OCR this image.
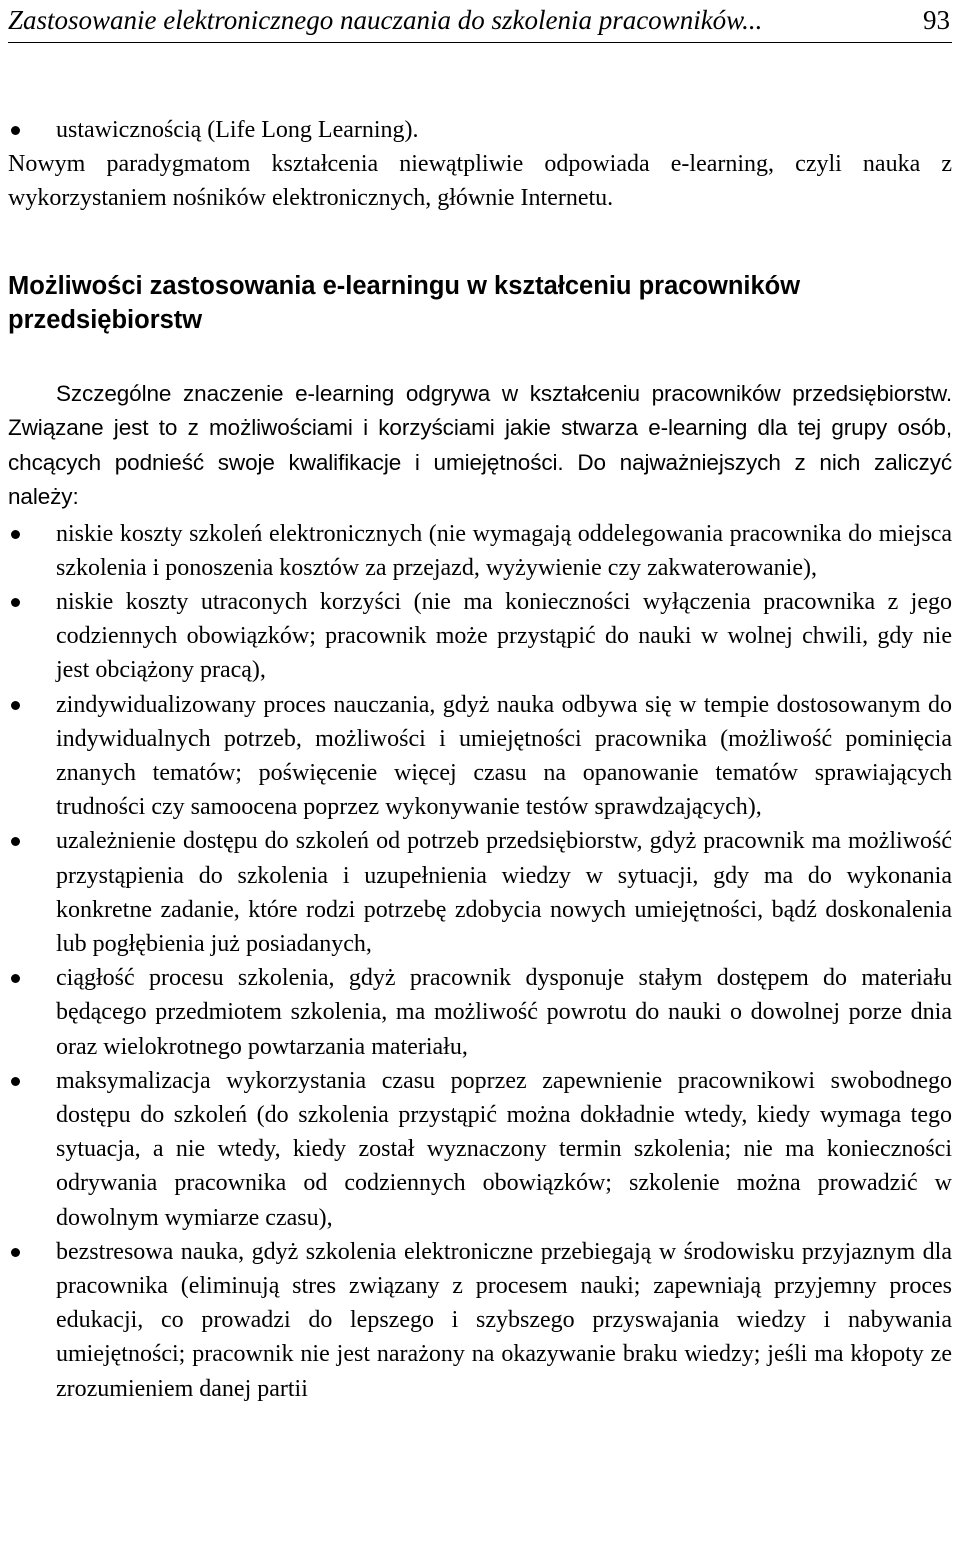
Zastosowanie elektronicznego nauczania do szkolenia pracowników...	93
ustawicznością (Life Long Learning).

Nowym paradygmatom kształcenia niewątpliwie odpowiada e-learning, czyli nauka z wykorzystaniem nośników elektronicznych, głównie Internetu.

Możliwości zastosowania e-learningu w kształceniu pracowników przedsiębiorstw

Szczególne znaczenie e-learning odgrywa w kształceniu pracowników przedsiębiorstw. Związane jest to z możliwościami i korzyściami jakie stwarza e-learning dla tej grupy osób, chcących podnieść swoje kwalifikacje i umiejętności. Do najważniejszych z nich zaliczyć należy:

niskie koszty szkoleń elektronicznych (nie wymagają oddelegowania pracownika do miejsca szkolenia i ponoszenia kosztów za przejazd, wyżywienie czy zakwaterowanie),
niskie koszty utraconych korzyści (nie ma konieczności wyłączenia pracownika z jego codziennych obowiązków; pracownik może przystąpić do nauki w wolnej chwili, gdy nie jest obciążony pracą),
zindywidualizowany proces nauczania, gdyż nauka odbywa się w tempie dostosowanym do indywidualnych potrzeb, możliwości i umiejętności pracownika (możliwość pominięcia znanych tematów; poświęcenie więcej czasu na opanowanie tematów sprawiających trudności czy samoocena poprzez wykonywanie testów sprawdzających),
uzależnienie dostępu do szkoleń od potrzeb przedsiębiorstw, gdyż pracownik ma możliwość przystąpienia do szkolenia i uzupełnienia wiedzy w sytuacji, gdy ma do wykonania konkretne zadanie, które rodzi potrzebę zdobycia nowych umiejętności, bądź doskonalenia lub pogłębienia już posiadanych,
ciągłość procesu szkolenia, gdyż pracownik dysponuje stałym dostępem do materiału będącego przedmiotem szkolenia, ma możliwość powrotu do nauki o dowolnej porze dnia oraz wielokrotnego powtarzania materiału,
maksymalizacja wykorzystania czasu poprzez zapewnienie pracownikowi swobodnego dostępu do szkoleń (do szkolenia przystąpić można dokładnie wtedy, kiedy wymaga tego sytuacja, a nie wtedy, kiedy został wyznaczony termin szkolenia; nie ma konieczności odrywania pracownika od codziennych obowiązków; szkolenie można prowadzić w dowolnym wymiarze czasu),
bezstresowa nauka, gdyż szkolenia elektroniczne przebiegają w środowisku przyjaznym dla pracownika (eliminują stres związany z procesem nauki; zapewniają przyjemny proces edukacji, co prowadzi do lepszego i szybszego przyswajania wiedzy i nabywania umiejętności; pracownik nie jest narażony na okazywanie braku wiedzy; jeśli ma kłopoty ze zrozumieniem danej partii
